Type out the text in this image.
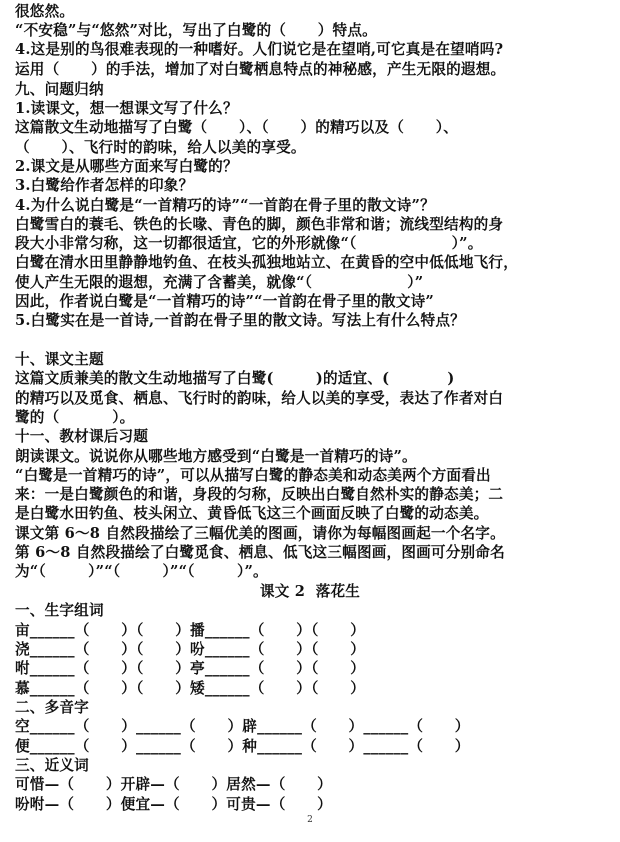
很悠然。
“不安稳”与“悠然”对比，写出了白鹭的（      ）特点。
4.这是别的鸟很难表现的一种嗜好。人们说它是在望哨,可它真是在望哨吗?
运用（      ）的手法，增加了对白鹭栖息特点的神秘感，产生无限的遐想。
九、问题归纳
1.读课文，想一想课文写了什么？
这篇散文生动地描写了白鹭（      ）、（      ）的精巧以及（      ）、
（      ）、飞行时的韵味，给人以美的享受。
2.课文是从哪些方面来写白鹭的？
3.白鹭给作者怎样的印象？
4.为什么说白鹭是“一首精巧的诗”“一首韵在骨子里的散文诗”？
白鹭雪白的蓑毛、铁色的长喙、青色的脚，颜色非常和谐；流线型结构的身
段大小非常匀称，这一切都很适宜，它的外形就像“（                  ）”。
白鹭在清水田里静静地钓鱼、在枝头孤独地站立、在黄昏的空中低低地飞行，
使人产生无限的遐想，充满了含蓄美，就像“（                  ）”
因此，作者说白鹭是“一首精巧的诗”“一首韵在骨子里的散文诗”
5.白鹭实在是一首诗,一首韵在骨子里的散文诗。写法上有什么特点？
十、课文主题
这篇文质兼美的散文生动地描写了白鹭(        )的适宜、(           )
的精巧以及觅食、栖息、飞行时的韵味，给人以美的享受，表达了作者对白
鹭的（          ）。
十一、教材课后习题
朗读课文。说说你从哪些地方感受到“白鹭是一首精巧的诗”。
“白鹭是一首精巧的诗”，可以从描写白鹭的静态美和动态美两个方面看出
来：一是白鹭颜色的和谐，身段的匀称，反映出白鹭自然朴实的静态美；二
是白鹭水田钓鱼、枝头闲立、黄昏低飞这三个画面反映了白鹭的动态美。
课文第 6～8 自然段描绘了三幅优美的图画，请你为每幅图画起一个名字。
第 6～8 自然段描绘了白鹭觅食、栖息、低飞这三幅图画，图画可分别命名
为“（        ）”“（        ）”“（        ）”。
课文 2  落花生
一、生字组词
亩______（      ）（      ）播______（      ）（      ）
浇______（      ）（      ）吩______（      ）（      ）
咐______（      ）（      ）亭______（      ）（      ）
慕______（      ）（      ）矮______（      ）（      ）
二、多音字
空______（      ）______（      ）辟______（      ）______（      ）
便______（      ）______（      ）种______（      ）______（      ）
三、近义词
可惜—（      ）开辟—（      ）居然—（      ）
吩咐—（      ）便宜—（      ）可贵—（      ）
2
